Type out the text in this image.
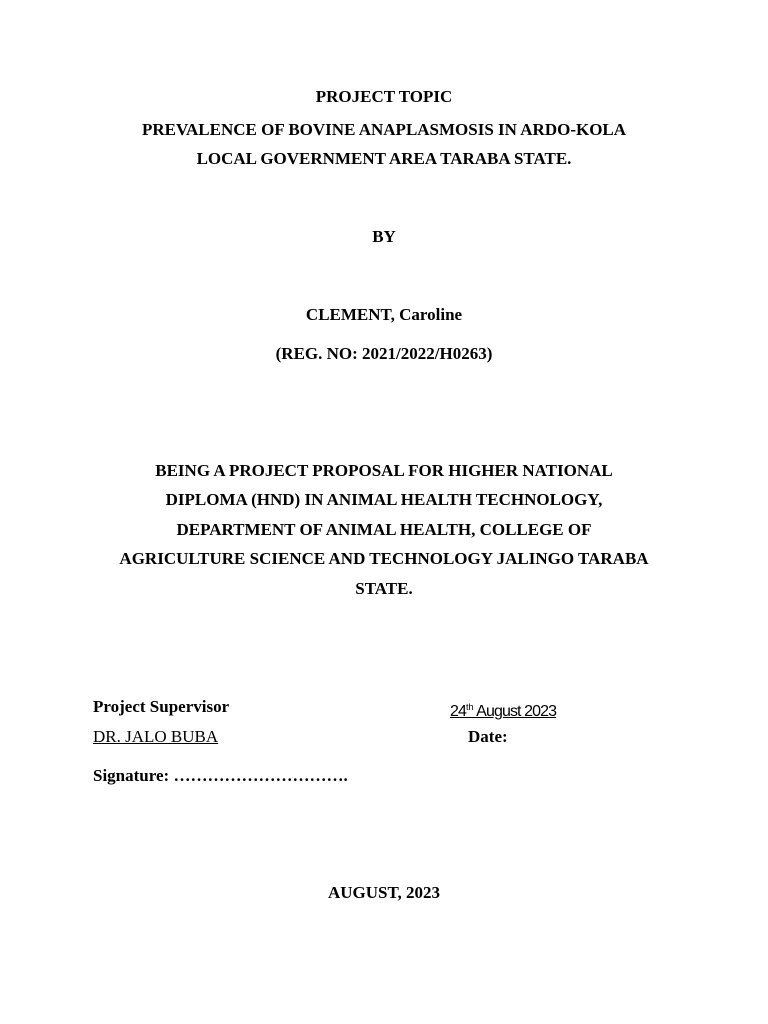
PROJECT TOPIC
PREVALENCE OF BOVINE ANAPLASMOSIS IN ARDO-KOLA
LOCAL GOVERNMENT AREA TARABA STATE.
BY
CLEMENT, Caroline
(REG. NO: 2021/2022/H0263)
BEING A PROJECT PROPOSAL FOR HIGHER NATIONAL
DIPLOMA (HND) IN ANIMAL HEALTH TECHNOLOGY,
DEPARTMENT OF ANIMAL HEALTH, COLLEGE OF
AGRICULTURE SCIENCE AND TECHNOLOGY JALINGO TARABA
STATE.
Project Supervisor	24th August 2023
DR. JALO BUBA	Date:
Signature: ………………………….
AUGUST, 2023
